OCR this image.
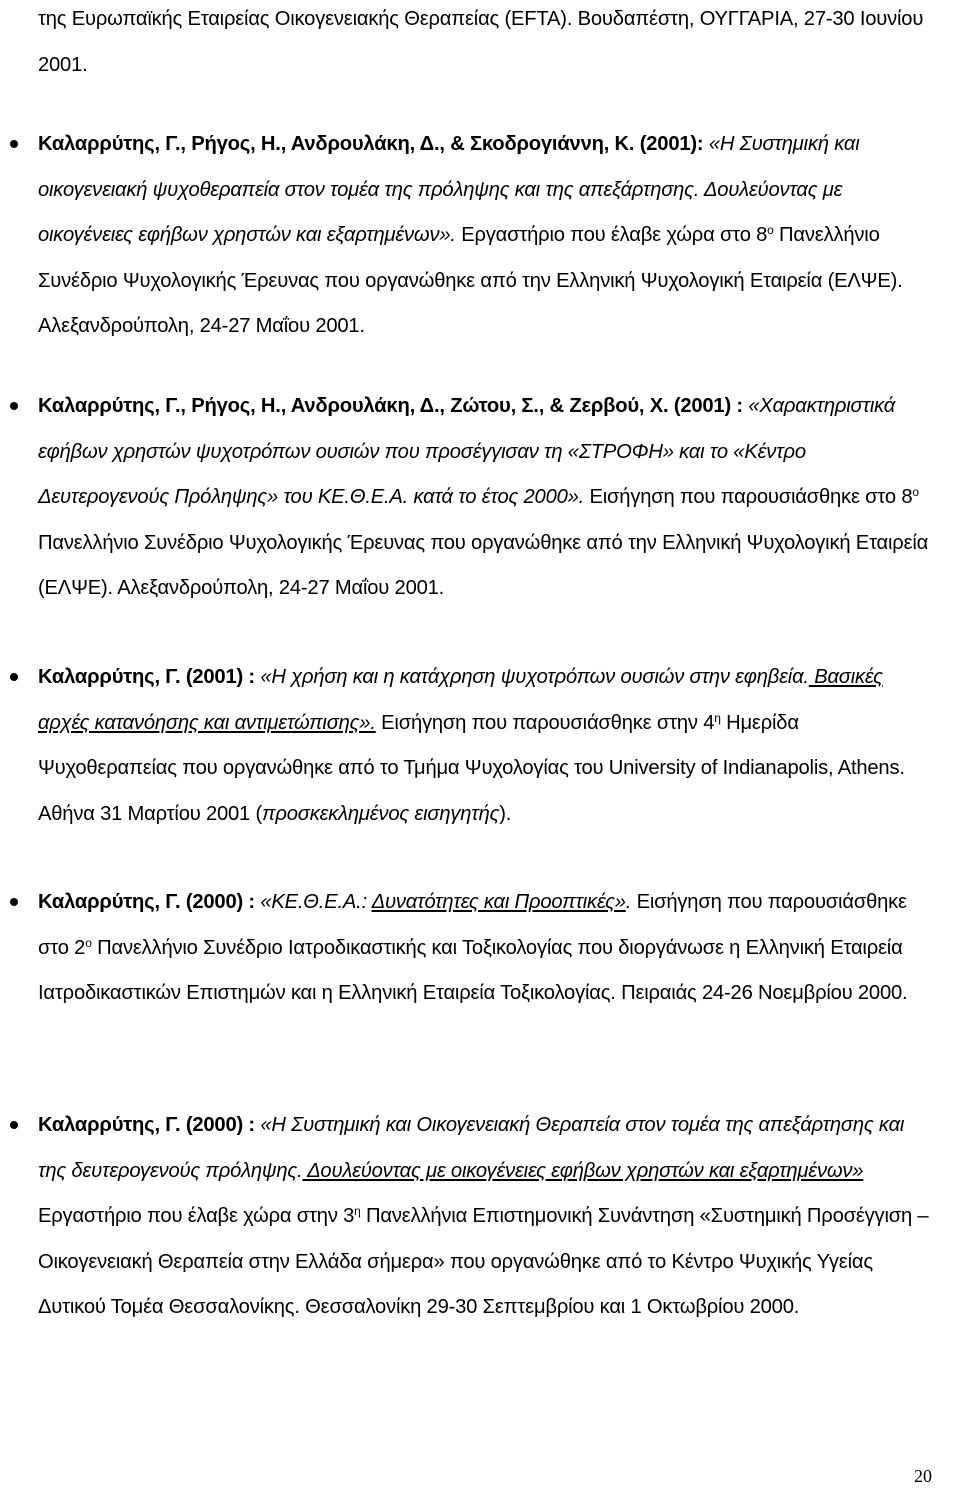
της Ευρωπαϊκής Εταιρείας Οικογενειακής Θεραπείας (EFTA). Βουδαπέστη, ΟΥΓΓΑΡΙΑ, 27-30 Ιουνίου 2001.
Καλαρρύτης, Γ., Ρήγος, Η., Ανδρουλάκη, Δ., & Σκοδρογιάννη, Κ. (2001): «Η Συστημική και οικογενειακή ψυχοθεραπεία στον τομέα της πρόληψης και της απεξάρτησης. Δουλεύοντας με οικογένειες εφήβων χρηστών και εξαρτημένων». Εργαστήριο που έλαβε χώρα στο $8^o$ Πανελλήνιο Συνέδριο Ψυχολογικής Έρευνας που οργανώθηκε από την Ελληνική Ψυχολογική Εταιρεία (ΕΛΨΕ). Αλεξανδρούπολη, 24-27 Μαΐου 2001.
Καλαρρύτης, Γ., Ρήγος, Η., Ανδρουλάκη, Δ., Ζώτου, Σ., & Ζερβού, Χ. (2001) : «Χαρακτηριστικά εφήβων χρηστών ψυχοτρόπων ουσιών που προσέγγισαν τη «ΣΤΡΟΦΗ» και το «Κέντρο Δευτερογενούς Πρόληψης» του ΚΕ.Θ.Ε.Α. κατά το έτος 2000». Εισήγηση που παρουσιάσθηκε στο $8^o$ Πανελλήνιο Συνέδριο Ψυχολογικής Έρευνας που οργανώθηκε από την Ελληνική Ψυχολογική Εταιρεία (ΕΛΨΕ). Αλεξανδρούπολη, 24-27 Μαΐου 2001.
Καλαρρύτης, Γ. (2001) : «Η χρήση και η κατάχρηση ψυχοτρόπων ουσιών στην εφηβεία. Βασικές αρχές κατανόησης και αντιμετώπισης». Εισήγηση που παρουσιάσθηκε στην $4^\eta$ Ημερίδα Ψυχοθεραπείας που οργανώθηκε από το Τμήμα Ψυχολογίας του University of Indianapolis, Athens. Αθήνα 31 Μαρτίου 2001 (προσκεκλημένος εισηγητής).
Καλαρρύτης, Γ. (2000) : «ΚΕ.Θ.Ε.Α.: Δυνατότητες και Προοπτικές». Εισήγηση που παρουσιάσθηκε στο $2^o$ Πανελλήνιο Συνέδριο Ιατροδικαστικής και Τοξικολογίας που διοργάνωσε η Ελληνική Εταιρεία Ιατροδικαστικών Επιστημών και η Ελληνική Εταιρεία Τοξικολογίας. Πειραιάς 24-26 Νοεμβρίου 2000.
Καλαρρύτης, Γ. (2000) : «Η Συστημική και Οικογενειακή Θεραπεία στον τομέα της απεξάρτησης και της δευτερογενούς πρόληψης. Δουλεύοντας με οικογένειες εφήβων χρηστών και εξαρτημένων» Εργαστήριο που έλαβε χώρα στην $3^\eta$ Πανελλήνια Επιστημονική Συνάντηση «Συστημική Προσέγγιση – Οικογενειακή Θεραπεία στην Ελλάδα σήμερα» που οργανώθηκε από το Κέντρο Ψυχικής Υγείας Δυτικού Τομέα Θεσσαλονίκης. Θεσσαλονίκη 29-30 Σεπτεμβρίου και 1 Οκτωβρίου 2000.
20
